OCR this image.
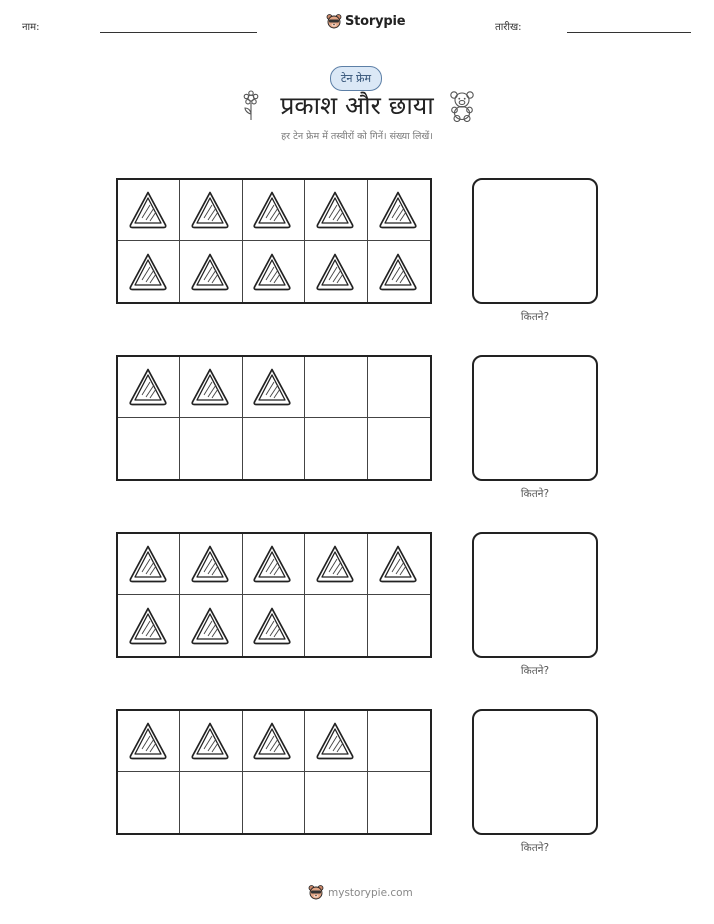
नाम:	Storypie	तारीख:
टेन फ्रेम
प्रकाश और छाया
हर टेन फ्रेम में तस्वीरों को गिनें। संख्या लिखें।
कितने?
कितने?
कितने?
कितने?
mystorypie.com
